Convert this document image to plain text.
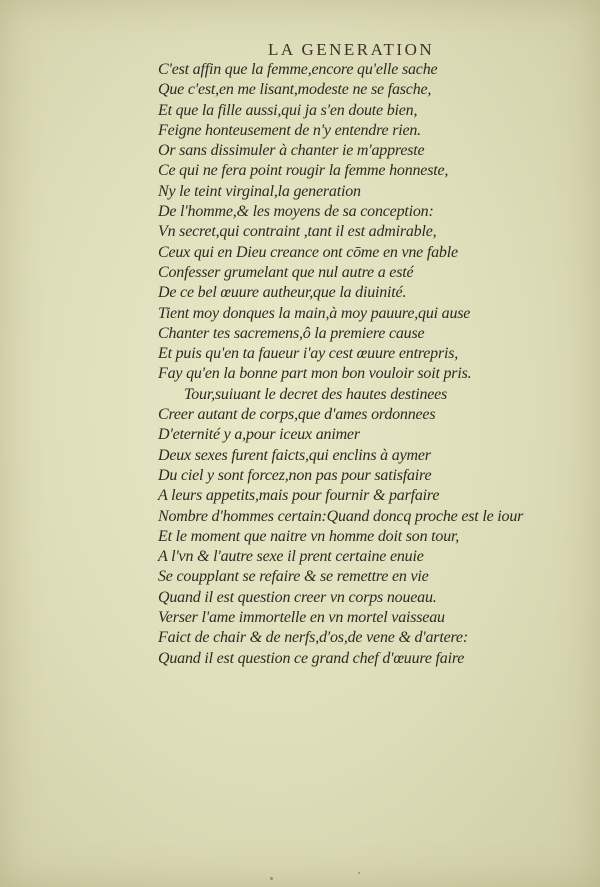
LA GENERATION
C'est affin que la femme,encore qu'elle sache
Que c'est,en me lisant,modeste ne se fasche,
Et que la fille aussi,qui ja s'en doute bien,
Feigne honteusement de n'y entendre rien.
Or sans dissimuler à chanter ie m'appreste
Ce qui ne fera point rougir la femme honneste,
Ny le teint virginal,la generation
De l'homme,& les moyens de sa conception:
Vn secret,qui contraint ,tant il est admirable,
Ceux qui en Dieu creance ont cōme en vne fable
Confesser grumelant que nul autre a esté
De ce bel œuure autheur,que la diuinité.
Tient moy donques la main,à moy pauure,qui ause
Chanter tes sacremens,ô la premiere cause
Et puis qu'en ta faueur i'ay cest œuure entrepris,
Fay qu'en la bonne part mon bon vouloir soit pris.
Tour,suiuant le decret des hautes destinees
Creer autant de corps,que d'ames ordonnees
D'eternité y a,pour iceux animer
Deux sexes furent faicts,qui enclins à aymer
Du ciel y sont forcez,non pas pour satisfaire
A leurs appetits,mais pour fournir & parfaire
Nombre d'hommes certain:Quand doncq proche est le iour
Et le moment que naitre vn homme doit son tour,
A l'vn & l'autre sexe il prent certaine enuie
Se coupplant se refaire & se remettre en vie
Quand il est question creer vn corps noueau.
Verser l'ame immortelle en vn mortel vaisseau
Faict de chair & de nerfs,d'os,de vene & d'artere:
Quand il est question ce grand chef d'œuure faire
